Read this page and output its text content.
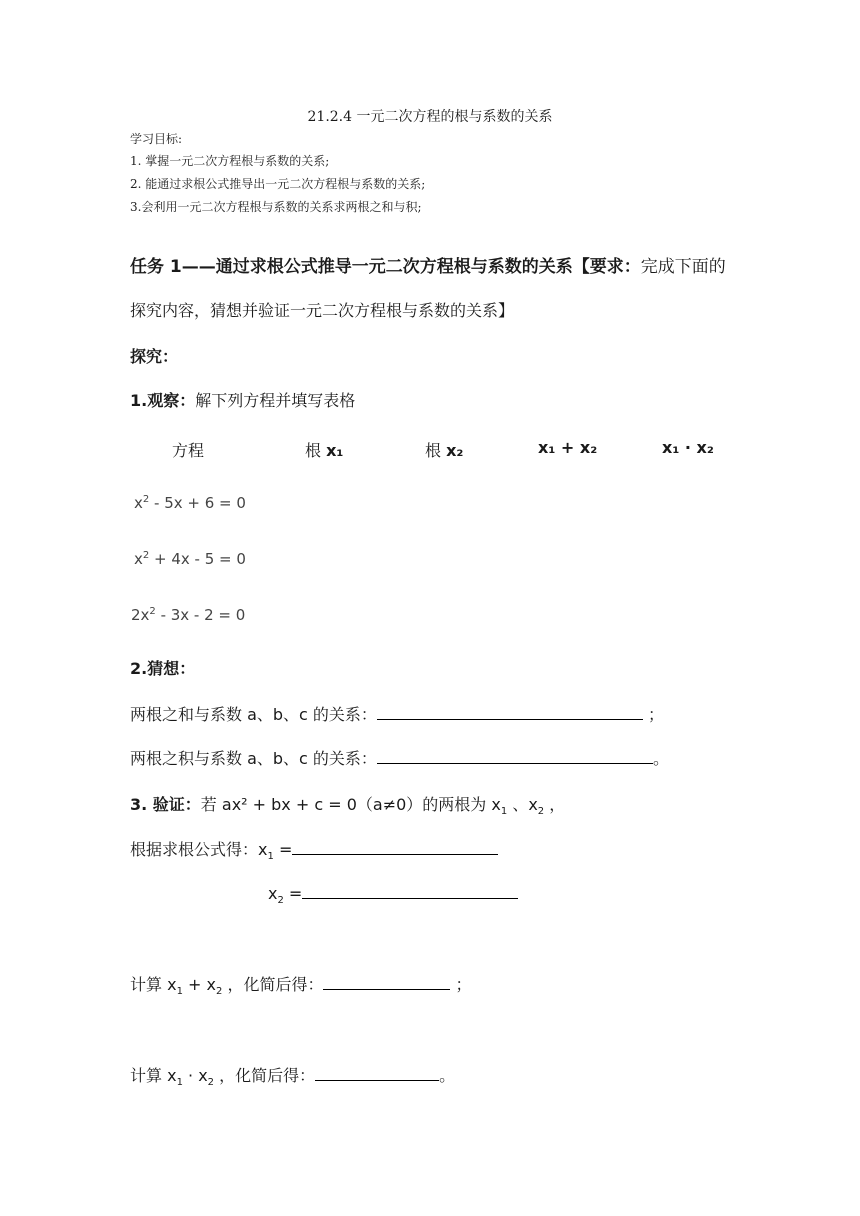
21.2.4 一元二次方程的根与系数的关系
学习目标:
1. 掌握一元二次方程根与系数的关系;
2. 能通过求根公式推导出一元二次方程根与系数的关系;
3.会利用一元二次方程根与系数的关系求两根之和与积;
任务 1——通过求根公式推导一元二次方程根与系数的关系【要求：完成下面的
探究内容，猜想并验证一元二次方程根与系数的关系】
探究：
1.观察：解下列方程并填写表格
方程	根 x₁	根 x₂	x₁ + x₂	x₁ · x₂
$x^2 - 5x + 6 = 0$
$x^2 + 4x - 5 = 0$
$2x^2 - 3x - 2 = 0$
2.猜想：
两根之和与系数 a、b、c 的关系：	；
两根之积与系数 a、b、c 的关系：	。
3. 验证：若 ax² + bx + c = 0（a≠0）的两根为 $x_1$ 、$x_2$ ，
根据求根公式得：$x_1$ =
$x_2$ =
计算 $x_1 + x_2$ ，化简后得：	；
计算 $x_1 \cdot x_2$ ，化简后得：	。
